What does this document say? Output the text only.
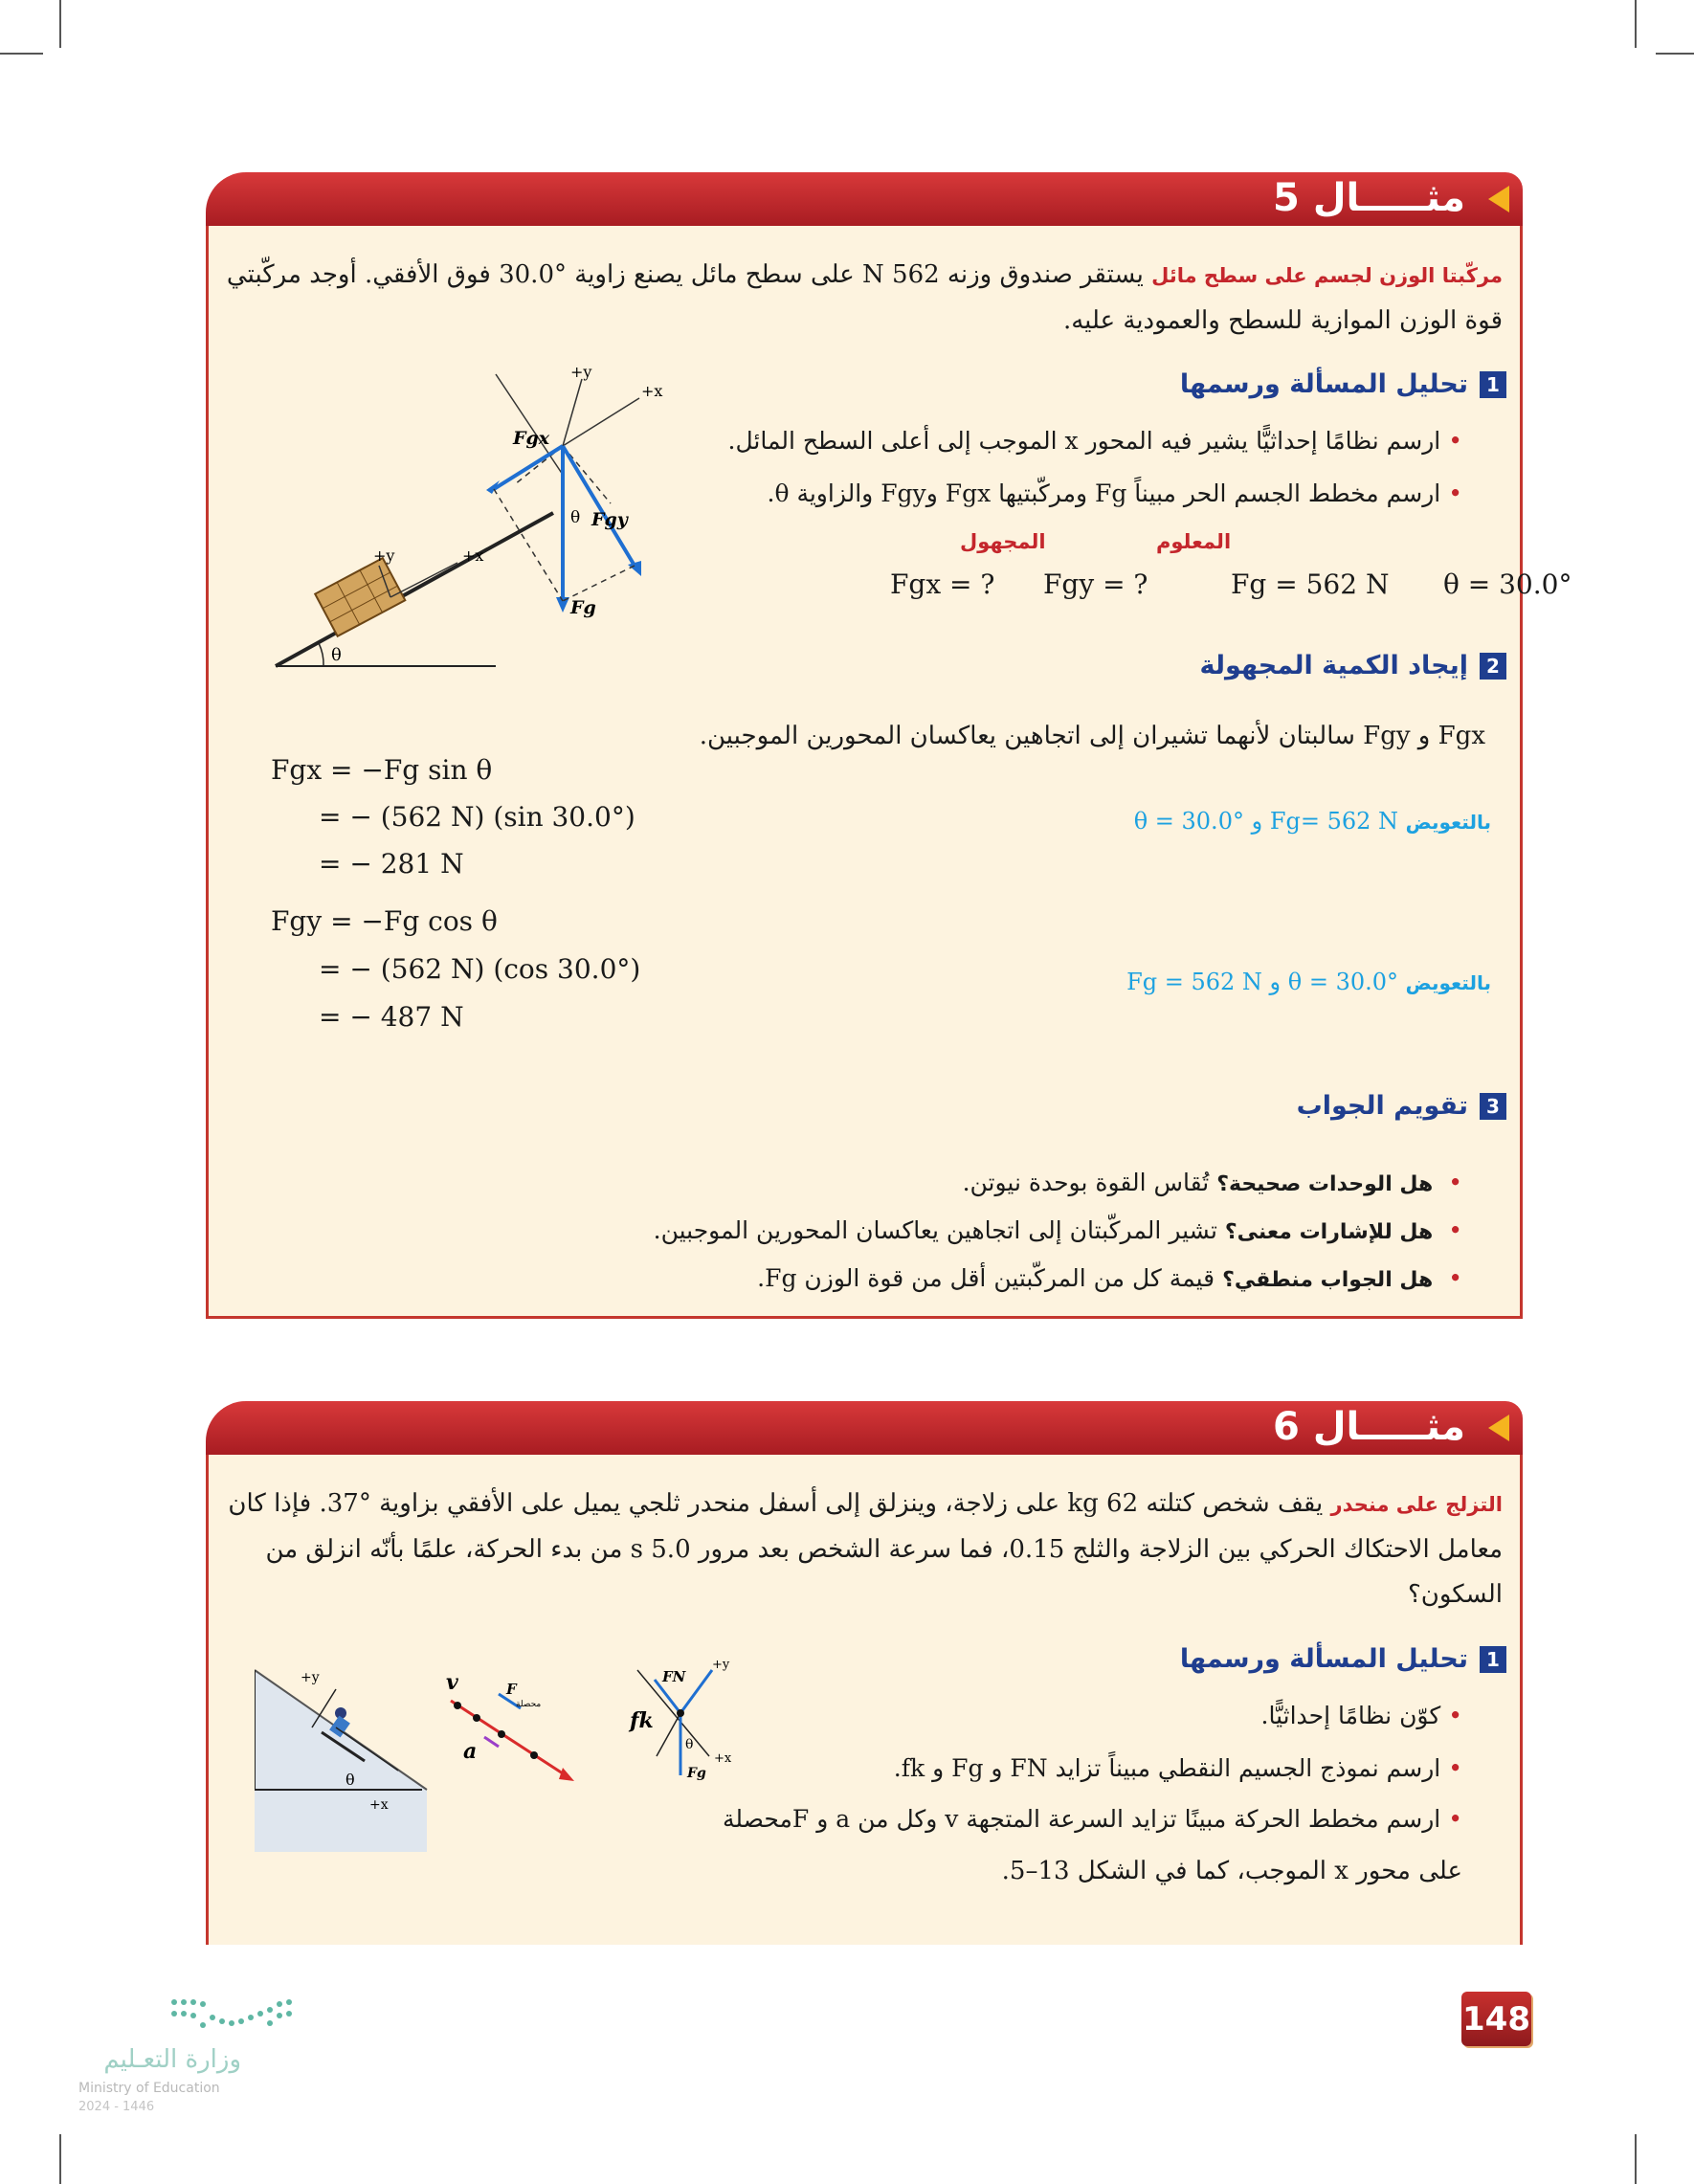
مثـــــال 5
مركّبتا الوزن لجسم على سطح مائل يستقر صندوق وزنه 562 N على سطح مائل يصنع زاوية °30.0 فوق الأفقي. أوجد مركّبتي قوة الوزن الموازية للسطح والعمودية عليه.
1
تحليل المسألة ورسمها
• ارسم نظامًا إحداثيًّا يشير فيه المحور x الموجب إلى أعلى السطح المائل.
• ارسم مخطط الجسم الحر مبيناً Fg ومركّبتيها Fgx وFgy والزاوية θ.
المعلوم
المجهول
Fgx = ? Fgy = ?	Fg = 562 N θ = 30.0°
θ
+y	+x
+y
+x
Fgx
Fgy
Fg
θ
2
إيجاد الكمية المجهولة
Fgx و Fgy سالبتان لأنهما تشيران إلى اتجاهين يعاكسان المحورين الموجبين.
Fgx = −Fg sin θ
= − (562 N) (sin 30.0°)
= − 281 N
Fgy = −Fg cos θ
= − (562 N) (cos 30.0°)
= − 487 N
بالتعويض Fg= 562 N و θ = 30.0°
بالتعويض θ = 30.0° و Fg = 562 N
3
تقويم الجواب
• هل الوحدات صحيحة؟ تُقاس القوة بوحدة نيوتن.
• هل للإشارات معنى؟ تشير المركّبتان إلى اتجاهين يعاكسان المحورين الموجبين.
• هل الجواب منطقي؟ قيمة كل من المركّبتين أقل من قوة الوزن Fg.
مثـــــال 6
التزلج على منحدر يقف شخص كتلته 62 kg على زلاجة، وينزلق إلى أسفل منحدر ثلجي يميل على الأفقي بزاوية °37. فإذا كان معامل الاحتكاك الحركي بين الزلاجة والثلج 0.15، فما سرعة الشخص بعد مرور 5.0 s من بدء الحركة، علمًا بأنّه انزلق من السكون؟
1
تحليل المسألة ورسمها
• كوّن نظامًا إحداثيًّا.
• ارسم نموذج الجسيم النقطي مبيناً تزايد FN و Fg و fk.
• ارسم مخطط الحركة مبينًا تزايد السرعة المتجهة v وكل من a و Fمحصلة
على محور x الموجب، كما في الشكل 13–5.
+y
+x
θ
v	F
محصلة
a
+y
+x
FN
fk
Fg
θ
148
وزارة التعـليم
Ministry of Education
2024 - 1446
